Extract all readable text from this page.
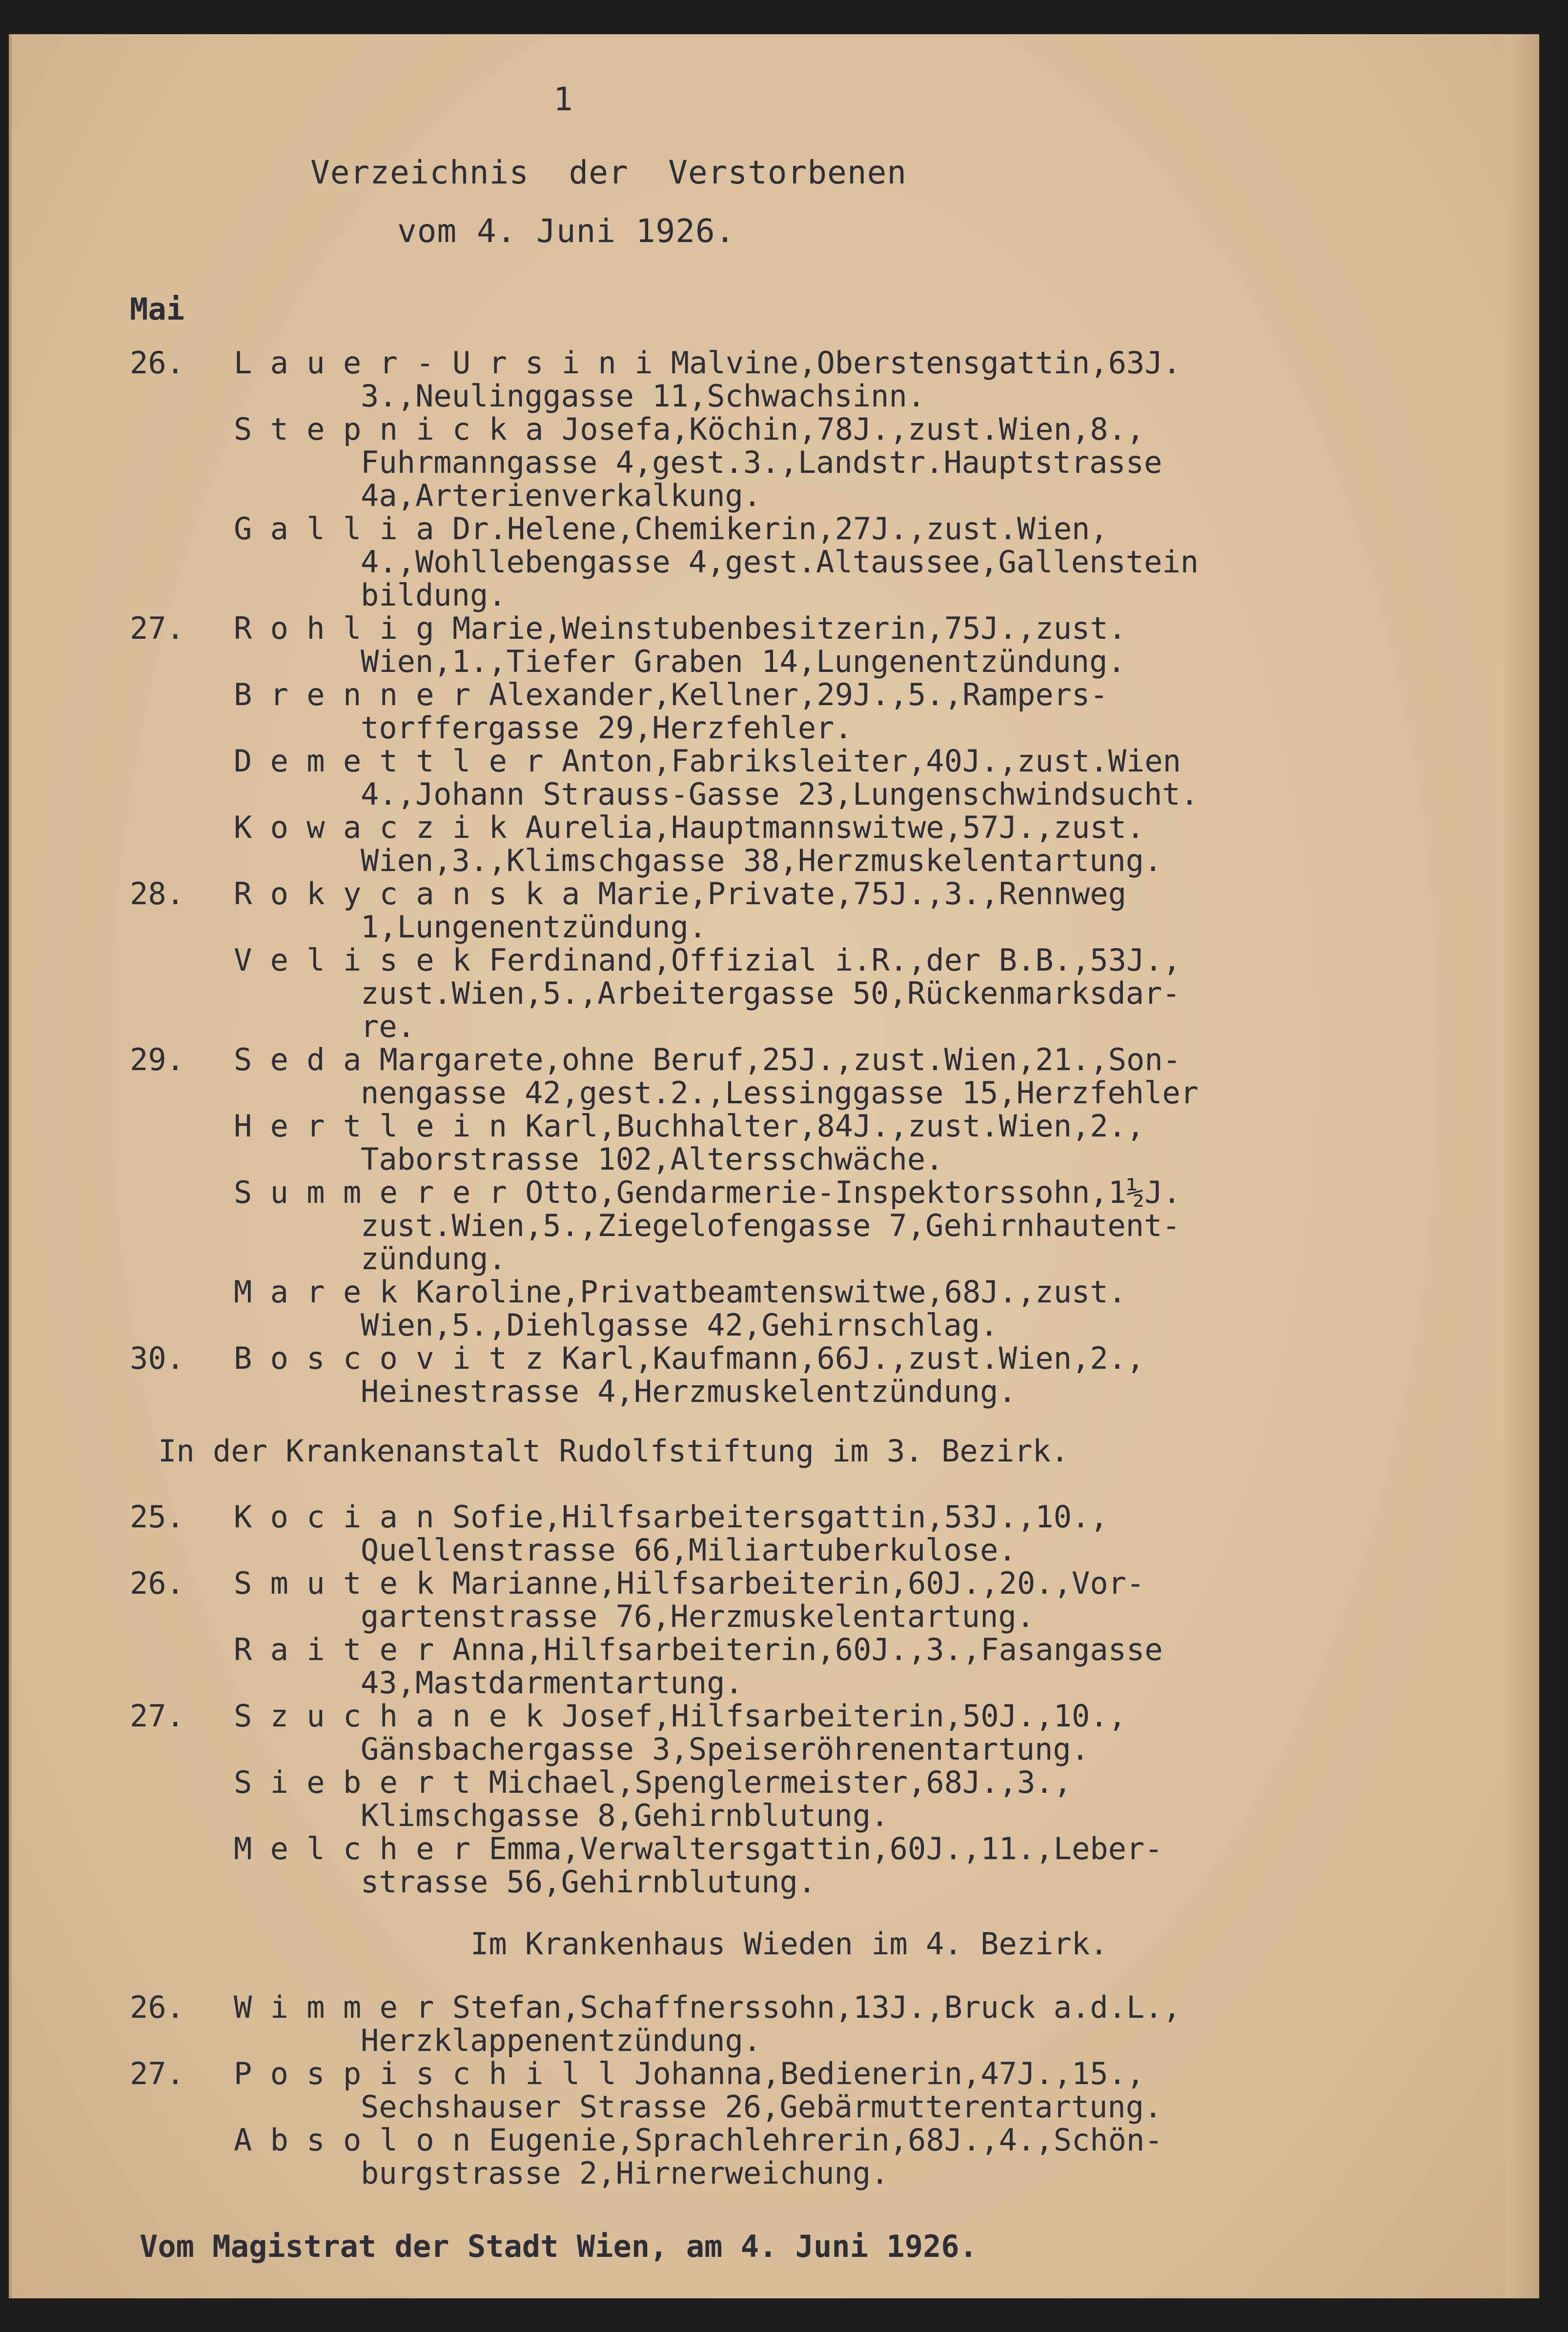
1
Verzeichnis  der  Verstorbenen
vom 4. Juni 1926.
Mai
26. L a u e r - U r s i n i Malvine,Oberstensgattin,63J.
3.,Neulinggasse 11,Schwachsinn.
S t e p n i c k a Josefa,Köchin,78J.,zust.Wien,8.,
Fuhrmanngasse 4,gest.3.,Landstr.Hauptstrasse
4a,Arterienverkalkung.
G a l l i a Dr.Helene,Chemikerin,27J.,zust.Wien,
4.,Wohllebengasse 4,gest.Altaussee,Gallenstein
bildung.
27. R o h l i g Marie,Weinstubenbesitzerin,75J.,zust.
Wien,1.,Tiefer Graben 14,Lungenentzündung.
B r e n n e r Alexander,Kellner,29J.,5.,Rampers-
torffergasse 29,Herzfehler.
D e m e t t l e r Anton,Fabriksleiter,40J.,zust.Wien
4.,Johann Strauss-Gasse 23,Lungenschwindsucht.
K o w a c z i k Aurelia,Hauptmannswitwe,57J.,zust.
Wien,3.,Klimschgasse 38,Herzmuskelentartung.
28. R o k y c a n s k a Marie,Private,75J.,3.,Rennweg
1,Lungenentzündung.
V e l i s e k Ferdinand,Offizial i.R.,der B.B.,53J.,
zust.Wien,5.,Arbeitergasse 50,Rückenmarksdar-
re.
29. S e d a Margarete,ohne Beruf,25J.,zust.Wien,21.,Son-
nengasse 42,gest.2.,Lessinggasse 15,Herzfehler
H e r t l e i n Karl,Buchhalter,84J.,zust.Wien,2.,
Taborstrasse 102,Altersschwäche.
S u m m e r e r Otto,Gendarmerie-Inspektorssohn,1½J.
zust.Wien,5.,Ziegelofengasse 7,Gehirnhautent-
zündung.
M a r e k Karoline,Privatbeamtenswitwe,68J.,zust.
Wien,5.,Diehlgasse 42,Gehirnschlag.
30. B o s c o v i t z Karl,Kaufmann,66J.,zust.Wien,2.,
Heinestrasse 4,Herzmuskelentzündung.
25. K o c i a n Sofie,Hilfsarbeitersgattin,53J.,10.,
Quellenstrasse 66,Miliartuberkulose.
26. S m u t e k Marianne,Hilfsarbeiterin,60J.,20.,Vor-
gartenstrasse 76,Herzmuskelentartung.
R a i t e r Anna,Hilfsarbeiterin,60J.,3.,Fasangasse
43,Mastdarmentartung.
27. S z u c h a n e k Josef,Hilfsarbeiterin,50J.,10.,
Gänsbachergasse 3,Speiseröhrenentartung.
S i e b e r t Michael,Spenglermeister,68J.,3.,
Klimschgasse 8,Gehirnblutung.
M e l c h e r Emma,Verwaltersgattin,60J.,11.,Leber-
strasse 56,Gehirnblutung.
26. W i m m e r Stefan,Schaffnerssohn,13J.,Bruck a.d.L.,
Herzklappenentzündung.
27. P o s p i s c h i l l Johanna,Bedienerin,47J.,15.,
Sechshauser Strasse 26,Gebärmutterentartung.
A b s o l o n Eugenie,Sprachlehrerin,68J.,4.,Schön-
burgstrasse 2,Hirnerweichung.
In der Krankenanstalt Rudolfstiftung im 3. Bezirk.
Im Krankenhaus Wieden im 4. Bezirk.
Vom Magistrat der Stadt Wien, am 4. Juni 1926.
